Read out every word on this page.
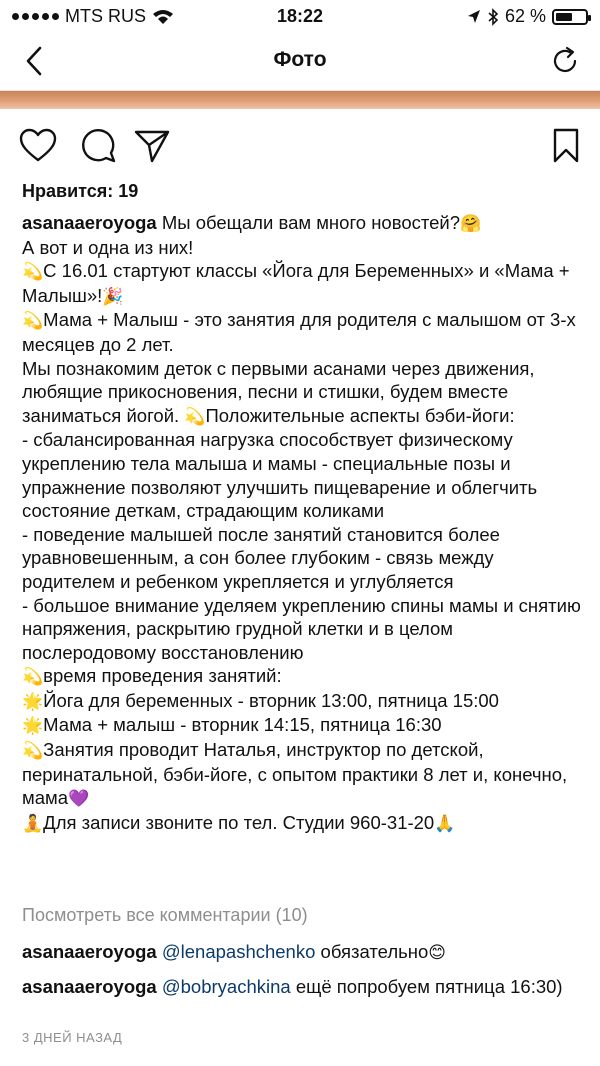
MTS RUS	18:22	62 %
Фото
Нравится: 19

asanaaeroyoga Мы обещали вам много новостей?🤗

А вот и одна из них!

💫С 16.01 стартуют классы «Йога для Беременных» и «Мама + Малыш»!🎉

💫Мама + Малыш - это занятия для родителя с малышом от 3-х месяцев до 2 лет.

Мы познакомим деток с первыми асанами через движения, любящие прикосновения, песни и стишки, будем вместе заниматься йогой. 💫Положительные аспекты бэби-йоги:

- сбалансированная нагрузка способствует физическому укреплению тела малыша и мамы - специальные позы и упражнение позволяют улучшить пищеварение и облегчить состояние деткам, страдающим коликами

- поведение малышей после занятий становится более уравновешенным, а сон более глубоким - связь между родителем и ребенком укрепляется и углубляется

- большое внимание уделяем укреплению спины мамы и снятию напряжения, раскрытию грудной клетки и в целом послеродовому восстановлению

💫время проведения занятий:

🌟Йога для беременных - вторник 13:00, пятница 15:00

🌟Мама + малыш - вторник 14:15, пятница 16:30

💫Занятия проводит Наталья, инструктор по детской, перинатальной, бэби-йоге, с опытом практики 8 лет и, конечно, мама💜

🧘Для записи звоните по тел. Студии 960-31-20🙏

Посмотреть все комментарии (10)
asanaaeroyoga @lenapashchenko обязательно😊
asanaaeroyoga @bobryachkina ещё попробуем пятница 16:30)
3 ДНЕЙ НАЗАД
